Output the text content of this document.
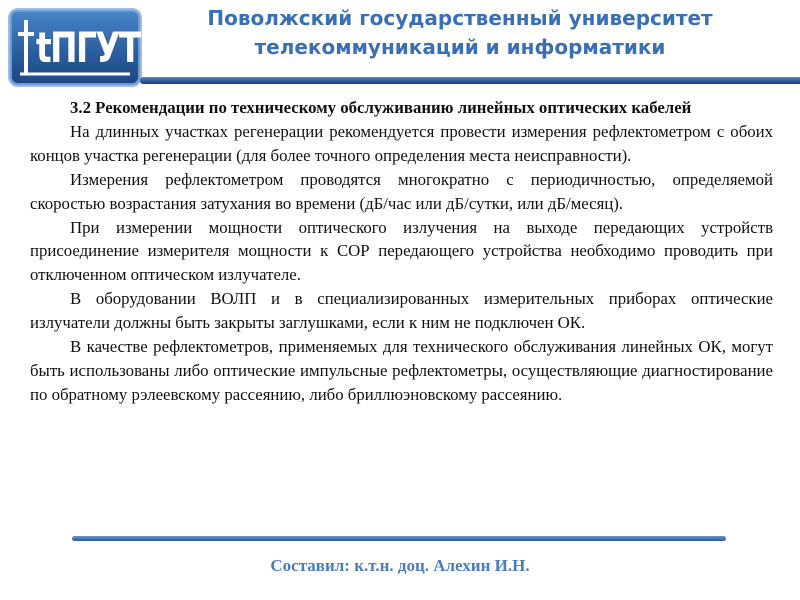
tПГУТИ
Поволжский государственный университет
телекоммуникаций и информатики

3.2 Рекомендации по техническому обслуживанию линейных оптических кабелей

На длинных участках регенерации рекомендуется провести измерения рефлектометром с обоих концов участка регенерации (для более точного определения места неисправности).

Измерения рефлектометром проводятся многократно с периодичностью, определяемой скоростью возрастания затухания во времени (дБ/час или дБ/сутки, или дБ/месяц).

При измерении мощности оптического излучения на выходе передающих устройств присоединение измерителя мощности к СОР передающего устройства необходимо проводить при отключенном оптическом излучателе.

В оборудовании ВОЛП и в специализированных измерительных приборах оптические излучатели должны быть закрыты заглушками, если к ним не подключен ОК.

В качестве рефлектометров, применяемых для технического обслуживания линейных ОК, могут быть использованы либо оптические импульсные рефлектометры, осуществляющие диагностирование по обратному рэлеевскому рассеянию, либо бриллюэновскому рассеянию.

Составил: к.т.н. доц. Алехин И.Н.
